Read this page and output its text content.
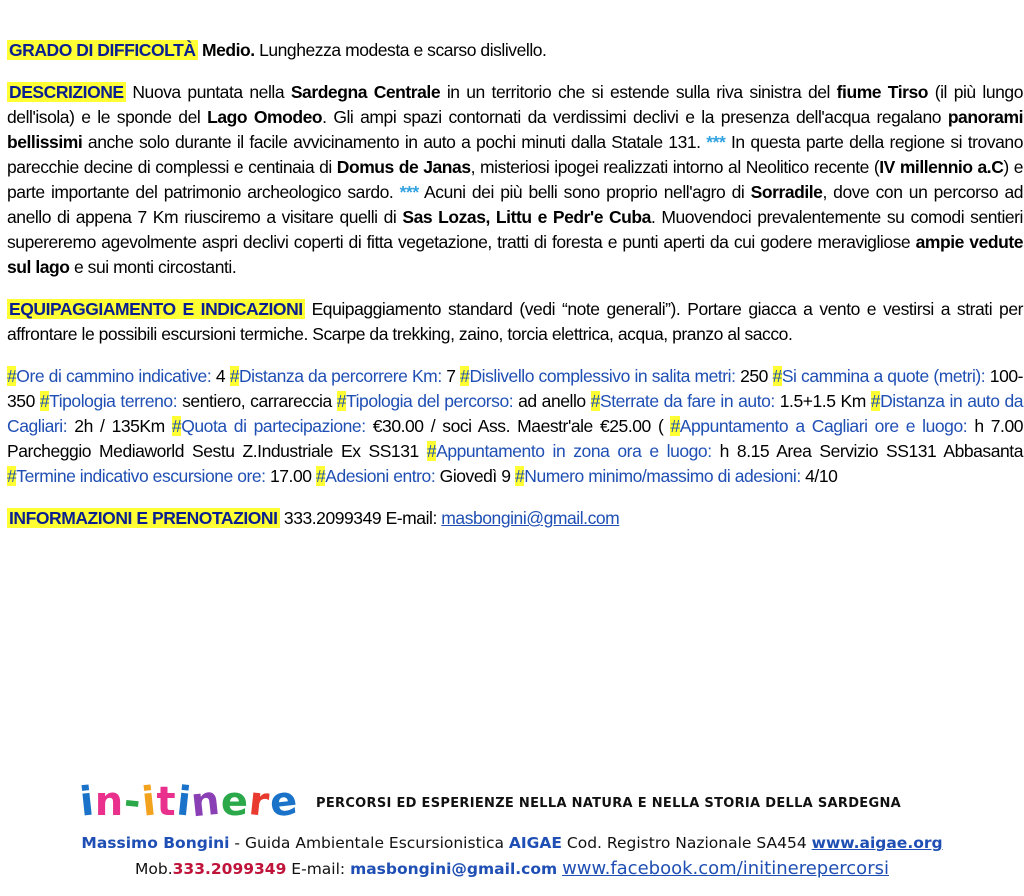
GRADO DI DIFFICOLTÀ Medio. Lunghezza modesta e scarso dislivello.

DESCRIZIONE Nuova puntata nella Sardegna Centrale in un territorio che si estende sulla riva sinistra del fiume Tirso (il più lungo dell'isola) e le sponde del Lago Omodeo. Gli ampi spazi contornati da verdissimi declivi e la presenza dell'acqua regalano panorami bellissimi anche solo durante il facile avvicinamento in auto a pochi minuti dalla Statale 131. *** In questa parte della regione si trovano parecchie decine di complessi e centinaia di Domus de Janas, misteriosi ipogei realizzati intorno al Neolitico recente (IV millennio a.C) e parte importante del patrimonio archeologico sardo. *** Acuni dei più belli sono proprio nell'agro di Sorradile, dove con un percorso ad anello di appena 7 Km riusciremo a visitare quelli di Sas Lozas, Littu e Pedr'e Cuba. Muovendoci prevalentemente su comodi sentieri supereremo agevolmente aspri declivi coperti di fitta vegetazione, tratti di foresta e punti aperti da cui godere meravigliose ampie vedute sul lago e sui monti circostanti.

EQUIPAGGIAMENTO E INDICAZIONI Equipaggiamento standard (vedi “note generali”). Portare giacca a vento e vestirsi a strati per affrontare le possibili escursioni termiche. Scarpe da trekking, zaino, torcia elettrica, acqua, pranzo al sacco.

#Ore di cammino indicative: 4 #Distanza da percorrere Km: 7 #Dislivello complessivo in salita metri: 250 #Si cammina a quote (metri): 100-350 #Tipologia terreno: sentiero, carrareccia #Tipologia del percorso: ad anello #Sterrate da fare in auto: 1.5+1.5 Km #Distanza in auto da Cagliari: 2h / 135Km #Quota di partecipazione: €30.00 / soci Ass. Maestr'ale €25.00 ( #Appuntamento a Cagliari ore e luogo: h 7.00 Parcheggio Mediaworld Sestu Z.Industriale Ex SS131 #Appuntamento in zona ora e luogo: h 8.15 Area Servizio SS131 Abbasanta #Termine indicativo escursione ore: 17.00 #Adesioni entro: Giovedì 9 #Numero minimo/massimo di adesioni: 4/10

INFORMAZIONI E PRENOTAZIONI 333.2099349 E-mail: masbongini@gmail.com

in-itinere PERCORSI ED ESPERIENZE NELLA NATURA E NELLA STORIA DELLA SARDEGNA
Massimo Bongini - Guida Ambientale Escursionistica AIGAE Cod. Registro Nazionale SA454 www.aigae.org
Mob.333.2099349 E-mail: masbongini@gmail.com www.facebook.com/initinerepercorsi
